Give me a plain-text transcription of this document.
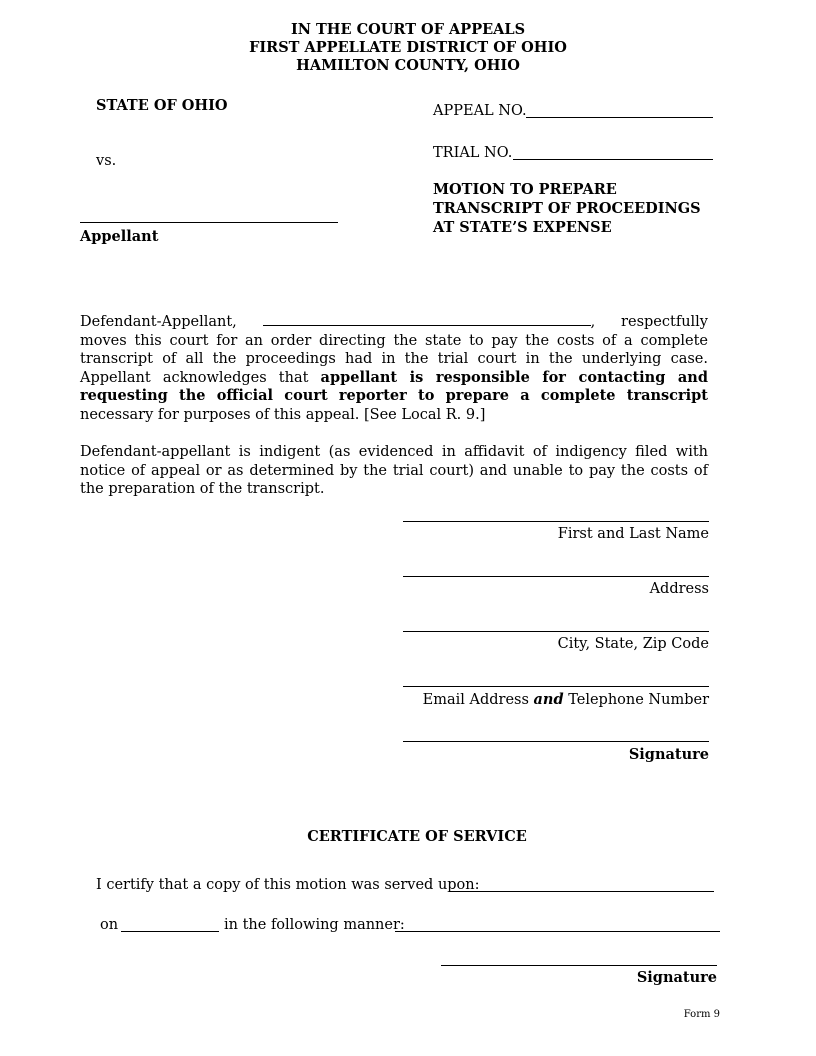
IN THE COURT OF APPEALS
FIRST APPELLATE DISTRICT OF OHIO
HAMILTON COUNTY, OHIO
STATE OF OHIO
vs.
Appellant
APPEAL NO.
TRIAL NO.
MOTION TO PREPARE
TRANSCRIPT OF PROCEEDINGS
AT STATE’S EXPENSE
Defendant-Appellant,	, respectfully moves this court for an order directing the state to pay the costs of a complete transcript of all the proceedings had in the trial court in the underlying case. Appellant acknowledges that appellant is responsible for contacting and requesting the official court reporter to prepare a complete transcript necessary for purposes of this appeal. [See Local R. 9.]
Defendant-appellant is indigent (as evidenced in affidavit of indigency filed with notice of appeal or as determined by the trial court) and unable to pay the costs of the preparation of the transcript.
First and Last Name
Address
City, State, Zip Code
Email Address and Telephone Number
Signature
CERTIFICATE OF SERVICE
I certify that a copy of this motion was served upon:
on	in the following manner:
Signature
Form 9
